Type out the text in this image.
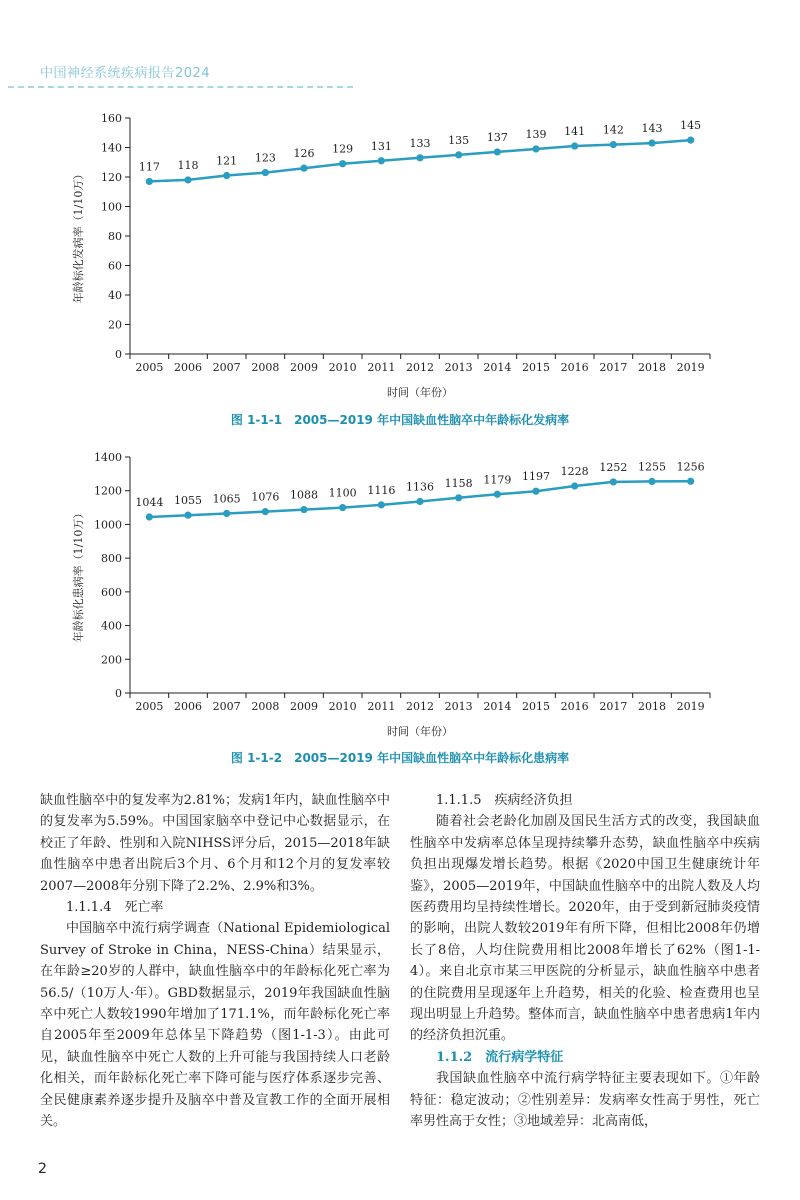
中国神经系统疾病报告2024
0
20
40
60
80
100
120
140
160
2005 2006 2007 2008 2009 2010 2011 2012 2013 2014 2015 2016 2017 2018 2019
年龄标化发病率（1/10万）
时间（年份）
117 118 121 123 126 129 131 133 135 137 139 141 142 143 145
图 1-1-1　2005—2019 年中国缺血性脑卒中年龄标化发病率
0
200
400
600
800
1000
1200
1400
2005 2006 2007 2008 2009 2010 2011 2012 2013 2014 2015 2016 2017 2018 2019
年龄标化患病率（1/10万）
时间（年份）
1044 1055 1065 1076 1088 1100 1116 1136 1158 1179 1197 1228 1252 1255 1256
图 1-1-2　2005—2019 年中国缺血性脑卒中年龄标化患病率

缺血性脑卒中的复发率为2.81%；发病1年内，缺血性脑卒中的复发率为5.59%。中国国家脑卒中登记中心数据显示，在校正了年龄、性别和入院NIHSS评分后，2015—2018年缺血性脑卒中患者出院后3个月、6个月和12个月的复发率较2007—2008年分别下降了2.2%、2.9%和3%。

1.1.1.4　死亡率

中国脑卒中流行病学调查（National Epidemiological Survey of Stroke in China，NESS-China）结果显示，在年龄≥20岁的人群中，缺血性脑卒中的年龄标化死亡率为56.5/（10万人·年）。GBD数据显示，2019年我国缺血性脑卒中死亡人数较1990年增加了171.1%，而年龄标化死亡率自2005年至2009年总体呈下降趋势（图1-1-3）。由此可见，缺血性脑卒中死亡人数的上升可能与我国持续人口老龄化相关，而年龄标化死亡率下降可能与医疗体系逐步完善、全民健康素养逐步提升及脑卒中普及宣教工作的全面开展相关。

1.1.1.5　疾病经济负担

随着社会老龄化加剧及国民生活方式的改变，我国缺血性脑卒中发病率总体呈现持续攀升态势，缺血性脑卒中疾病负担出现爆发增长趋势。根据《2020中国卫生健康统计年鉴》，2005—2019年，中国缺血性脑卒中的出院人数及人均医药费用均呈持续性增长。2020年，由于受到新冠肺炎疫情的影响，出院人数较2019年有所下降，但相比2008年仍增长了8倍，人均住院费用相比2008年增长了62%（图1-1-4）。来自北京市某三甲医院的分析显示，缺血性脑卒中患者的住院费用呈现逐年上升趋势，相关的化验、检查费用也呈现出明显上升趋势。整体而言，缺血性脑卒中患者患病1年内的经济负担沉重。

1.1.2　流行病学特征

我国缺血性脑卒中流行病学特征主要表现如下。①年龄特征：稳定波动；②性别差异：发病率女性高于男性，死亡率男性高于女性；③地域差异：北高南低，

2
